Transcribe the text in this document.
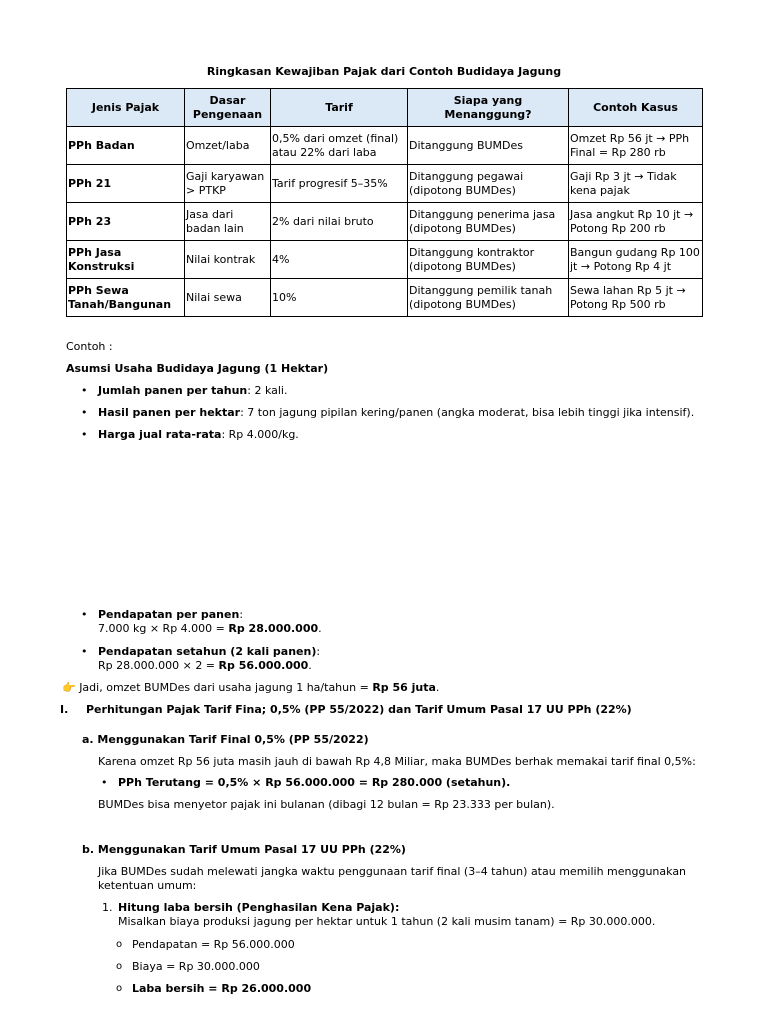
Ringkasan Kewajiban Pajak dari Contoh Budidaya Jagung
Jenis Pajak	Dasar Pengenaan	Tarif	Siapa yang Menanggung?	Contoh Kasus
PPh Badan	Omzet/laba	0,5% dari omzet (final) atau 22% dari laba	Ditanggung BUMDes	Omzet Rp 56 jt → PPh Final = Rp 280 rb
PPh 21	Gaji karyawan > PTKP	Tarif progresif 5–35%	Ditanggung pegawai (dipotong BUMDes)	Gaji Rp 3 jt → Tidak kena pajak
PPh 23	Jasa dari badan lain	2% dari nilai bruto	Ditanggung penerima jasa (dipotong BUMDes)	Jasa angkut Rp 10 jt → Potong Rp 200 rb
PPh Jasa Konstruksi	Nilai kontrak	4%	Ditanggung kontraktor (dipotong BUMDes)	Bangun gudang Rp 100 jt → Potong Rp 4 jt
PPh Sewa Tanah/Bangunan	Nilai sewa	10%	Ditanggung pemilik tanah (dipotong BUMDes)	Sewa lahan Rp 5 jt → Potong Rp 500 rb
Contoh :
Asumsi Usaha Budidaya Jagung (1 Hektar)
• Jumlah panen per tahun: 2 kali.
• Hasil panen per hektar: 7 ton jagung pipilan kering/panen (angka moderat, bisa lebih tinggi jika intensif).
• Harga jual rata-rata: Rp 4.000/kg.
• Pendapatan per panen:
7.000 kg × Rp 4.000 = Rp 28.000.000.
• Pendapatan setahun (2 kali panen):
Rp 28.000.000 × 2 = Rp 56.000.000.
👉 Jadi, omzet BUMDes dari usaha jagung 1 ha/tahun = Rp 56 juta.
I. Perhitungan Pajak Tarif Fina; 0,5% (PP 55/2022) dan Tarif Umum Pasal 17 UU PPh (22%)
a. Menggunakan Tarif Final 0,5% (PP 55/2022)
Karena omzet Rp 56 juta masih jauh di bawah Rp 4,8 Miliar, maka BUMDes berhak memakai tarif final 0,5%:
• PPh Terutang = 0,5% × Rp 56.000.000 = Rp 280.000 (setahun).
BUMDes bisa menyetor pajak ini bulanan (dibagi 12 bulan = Rp 23.333 per bulan).
b. Menggunakan Tarif Umum Pasal 17 UU PPh (22%)
Jika BUMDes sudah melewati jangka waktu penggunaan tarif final (3–4 tahun) atau memilih menggunakan
ketentuan umum:
1. Hitung laba bersih (Penghasilan Kena Pajak):
Misalkan biaya produksi jagung per hektar untuk 1 tahun (2 kali musim tanam) = Rp 30.000.000.
o Pendapatan = Rp 56.000.000
o Biaya = Rp 30.000.000
o Laba bersih = Rp 26.000.000
